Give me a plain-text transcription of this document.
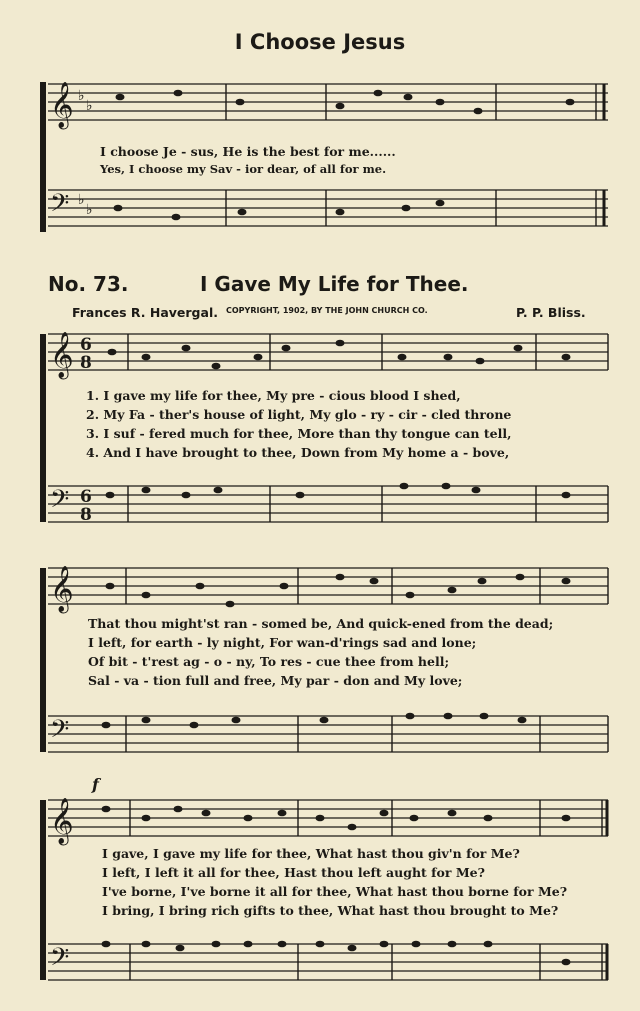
I Choose Jesus
𝄞
𝄞
𝄞
𝄞
𝄢
𝄢
𝄢
𝄢
♭
♭
♭
♭
6
8
6
8
f
I choose Je - sus, He is the best for me......
Yes, I choose my Sav - ior dear, of all for me.
No. 73.	I Gave My Life for Thee.
Frances R. Havergal. COPYRIGHT, 1902, BY THE JOHN CHURCH CO.	P. P. Bliss.
1. I gave my life for thee, My pre - cious blood I shed,
2. My Fa - ther's house of light, My glo - ry - cir - cled throne
3. I suf - fered much for thee, More than thy tongue can tell,
4. And I have brought to thee, Down from My home a - bove,
That thou might'st ran - somed be, And quick-ened from the dead;
I left, for earth - ly night, For wan-d'rings sad and lone;
Of bit - t'rest ag - o - ny, To res - cue thee from hell;
Sal - va - tion full and free, My par - don and My love;
I gave, I gave my life for thee, What hast thou giv'n for Me?
I left, I left it all for thee, Hast thou left aught for Me?
I've borne, I've borne it all for thee, What hast thou borne for Me?
I bring, I bring rich gifts to thee, What hast thou brought to Me?
